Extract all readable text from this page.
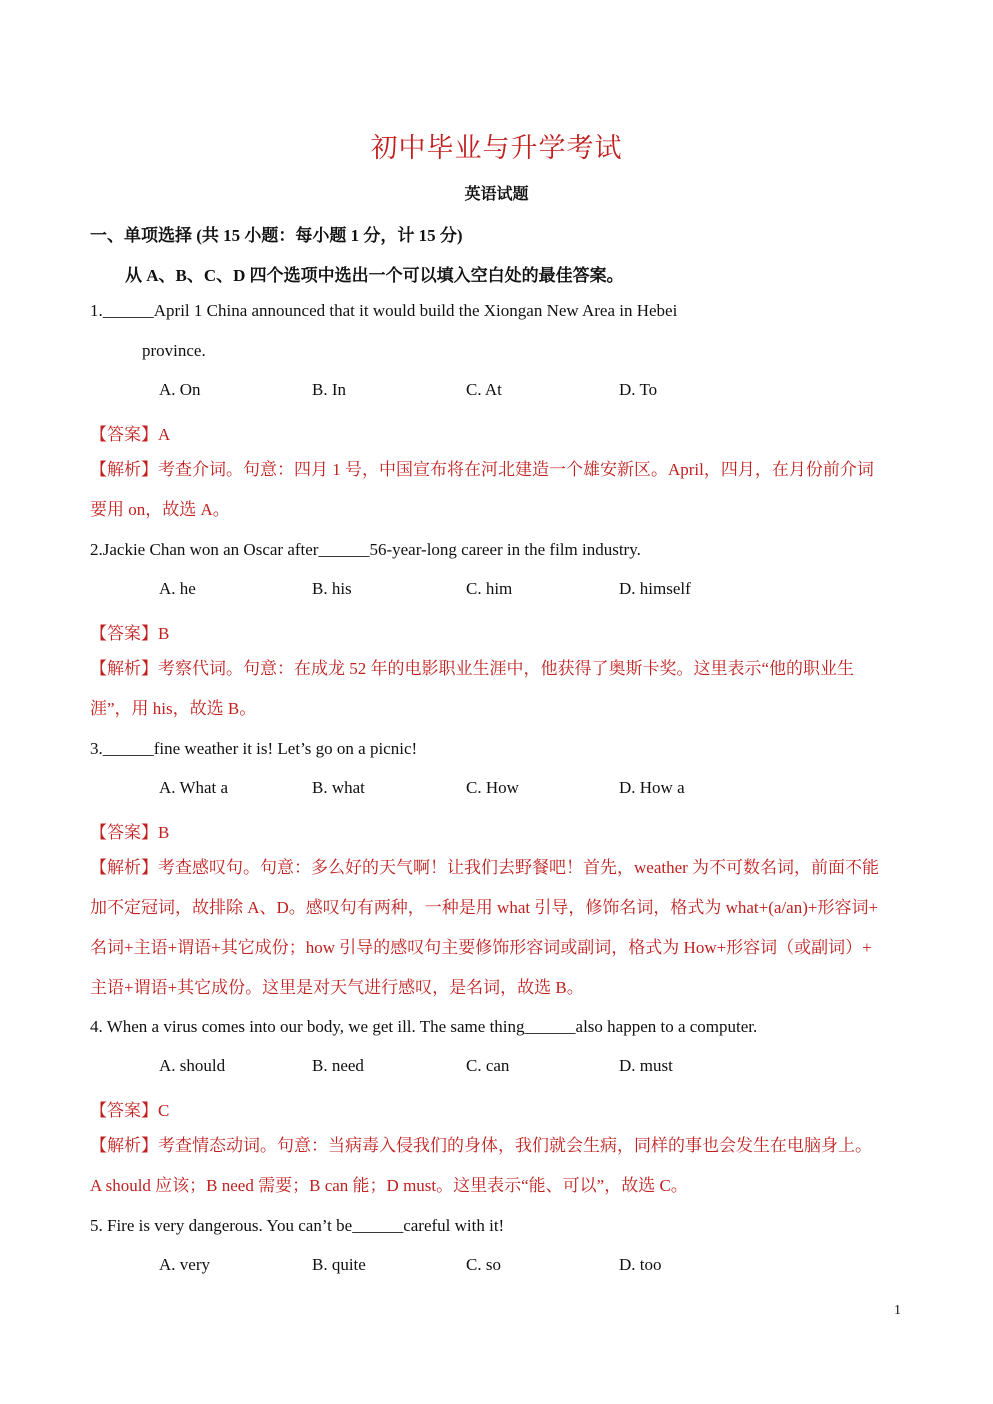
初中毕业与升学考试
英语试题
一、单项选择 (共 15 小题：每小题 1 分，计 15 分)
从 A、B、C、D 四个选项中选出一个可以填入空白处的最佳答案。
1.______April 1 China announced that it would build the Xiongan New Area in Hebei
province.
A. On	B. In	C. At	D. To
【答案】A
【解析】考查介词。句意：四月 1 号，中国宣布将在河北建造一个雄安新区。April，四月，在月份前介词
要用 on，故选 A。
2.Jackie Chan won an Oscar after______56-year-long career in the film industry.
A. he	B. his	C. him	D. himself
【答案】B
【解析】考察代词。句意：在成龙 52 年的电影职业生涯中，他获得了奥斯卡奖。这里表示“他的职业生
涯”，用 his，故选 B。
3.______fine weather it is! Let’s go on a picnic!
A. What a	B. what	C. How	D. How a
【答案】B
【解析】考查感叹句。句意：多么好的天气啊！让我们去野餐吧！首先，weather 为不可数名词，前面不能
加不定冠词，故排除 A、D。感叹句有两种，一种是用 what 引导，修饰名词，格式为 what+(a/an)+形容词+
名词+主语+谓语+其它成份；how 引导的感叹句主要修饰形容词或副词，格式为 How+形容词（或副词）+
主语+谓语+其它成份。这里是对天气进行感叹，是名词，故选 B。
4. When a virus comes into our body, we get ill. The same thing______also happen to a computer.
A. should	B. need	C. can	D. must
【答案】C
【解析】考查情态动词。句意：当病毒入侵我们的身体，我们就会生病，同样的事也会发生在电脑身上。
A should 应该；B need 需要；B can 能；D must。这里表示“能、可以”，故选 C。
5. Fire is very dangerous. You can’t be______careful with it!
A. very	B. quite	C. so	D. too
1
